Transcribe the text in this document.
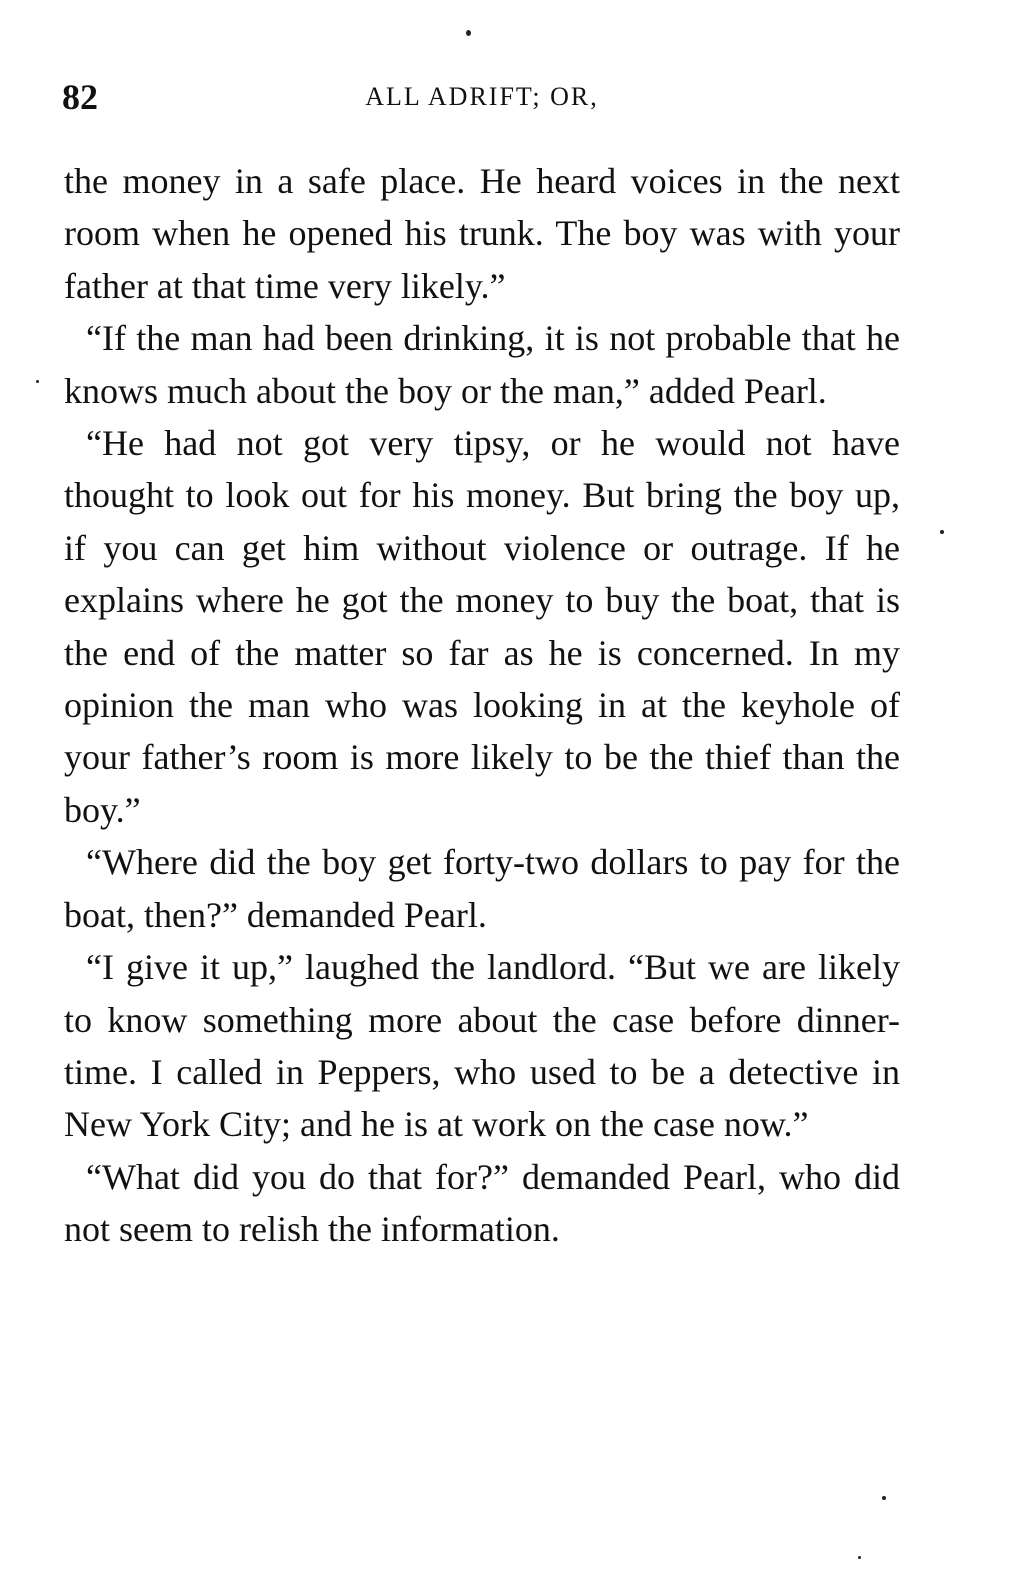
82	ALL ADRIFT; OR,

the money in a safe place. He heard voices in the next room when he opened his trunk. The boy was with your father at that time very likely.”

“If the man had been drinking, it is not probable that he knows much about the boy or the man,” added Pearl.

“He had not got very tipsy, or he would not have thought to look out for his money. But bring the boy up, if you can get him without violence or outrage. If he explains where he got the money to buy the boat, that is the end of the matter so far as he is concerned. In my opinion the man who was looking in at the keyhole of your father’s room is more likely to be the thief than the boy.”

“Where did the boy get forty-two dollars to pay for the boat, then?” demanded Pearl.

“I give it up,” laughed the landlord. “But we are likely to know something more about the case before dinner-time. I called in Peppers, who used to be a detective in New York City; and he is at work on the case now.”

“What did you do that for?” demanded Pearl, who did not seem to relish the information.
